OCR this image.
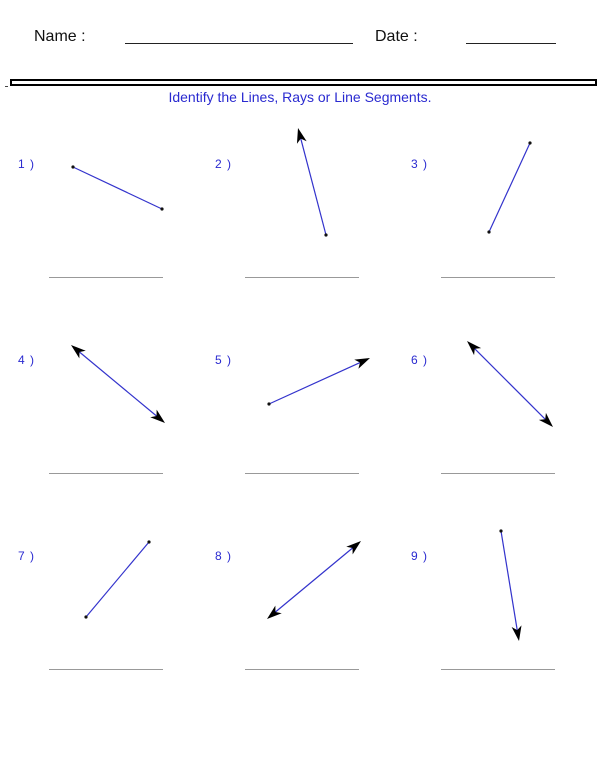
Name :	Date :
Identify the Lines, Rays or Line Segments.
1 )	2 )	3 )
4 )	5 )	6 )
7 )	8 )	9 )
